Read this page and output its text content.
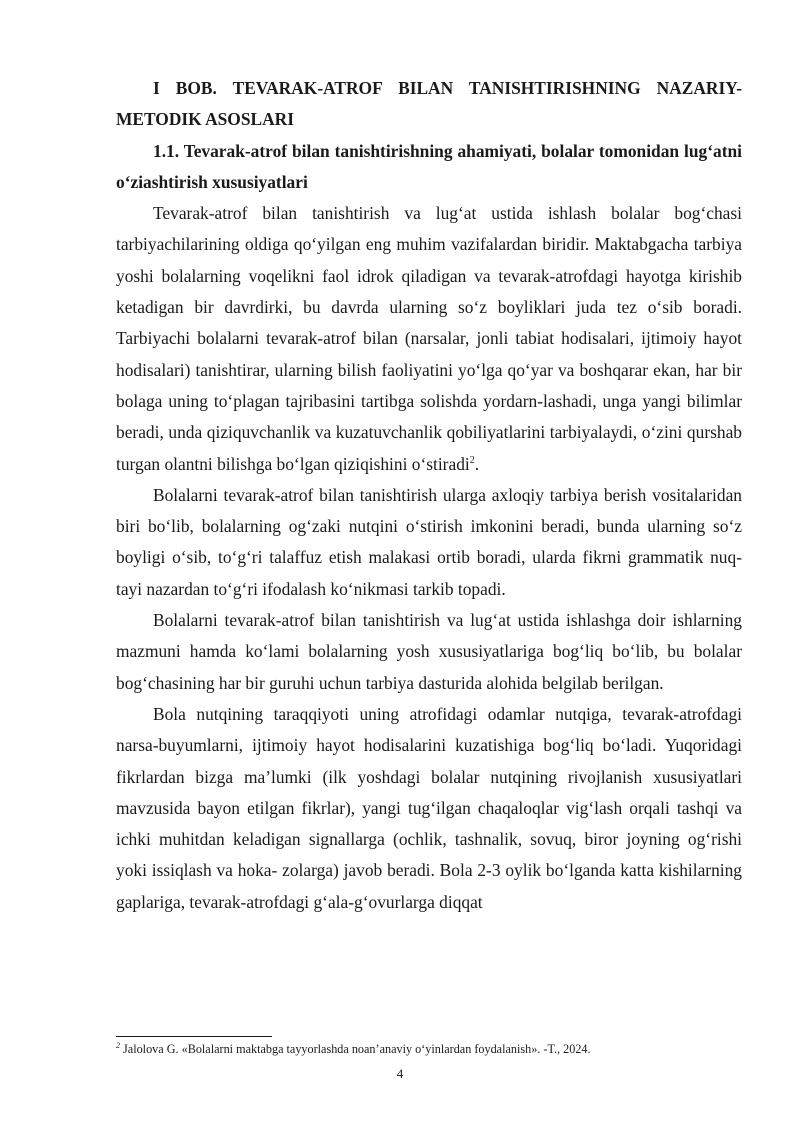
I BOB. TEVARAK-ATROF BILAN TANISHTIRISHNING NAZARIY-METODIK ASOSLARI

1.1. Tevarak-atrof bilan tanishtirishning ahamiyati, bolalar tomonidan lug‘atni o‘ziashtirish xususiyatlari

Tevarak-atrof bilan tanishtirish va lug‘at ustida ishlash bolalar bog‘chasi tarbiyachilarining oldiga qo‘yilgan eng muhim vazifalardan biridir. Maktabgacha tarbiya yoshi bolalarning voqelikni faol idrok qiladigan va tevarak-atrofdagi hayotga kirishib ketadigan bir davrdirki, bu davrda ularning so‘z boyliklari juda tez o‘sib boradi. Tarbiyachi bolalarni tevarak-atrof bilan (narsalar, jonli tabiat hodisalari, ijtimoiy hayot hodisalari) tanishtirar, ularning bilish faoliyatini yo‘lga qo‘yar va boshqarar ekan, har bir bolaga uning to‘plagan tajribasini tartibga solishda yordarn-lashadi, unga yangi bilimlar beradi, unda qiziquvchanlik va kuzatuvchanlik qobiliyatlarini tarbiyalaydi, o‘zini qurshab turgan olantni bilishga bo‘lgan qiziqishini o‘stiradi$^2$.

Bolalarni tevarak-atrof bilan tanishtirish ularga axloqiy tarbiya berish vositalaridan biri bo‘lib, bolalarning og‘zaki nutqini o‘stirish imkonini beradi, bunda ularning so‘z boyligi o‘sib, to‘g‘ri talaffuz etish malakasi ortib boradi, ularda fikrni grammatik nuq- tayi nazardan to‘g‘ri ifodalash ko‘nikmasi tarkib topadi.

Bolalarni tevarak-atrof bilan tanishtirish va lug‘at ustida ishlashga doir ishlarning mazmuni hamda ko‘lami bolalarning yosh xususiyatlariga bog‘liq bo‘lib, bu bolalar bog‘chasining har bir guruhi uchun tarbiya dasturida alohida belgilab berilgan.

Bola nutqining taraqqiyoti uning atrofidagi odamlar nutqiga, tevarak-atrofdagi narsa-buyumlarni, ijtimoiy hayot hodisalarini kuzatishiga bog‘liq bo‘ladi. Yuqoridagi fikrlardan bizga ma’lumki (ilk yoshdagi bolalar nutqining rivojlanish xususiyatlari mavzusida bayon etilgan fikrlar), yangi tug‘ilgan chaqaloqlar vig‘lash orqali tashqi va ichki muhitdan keladigan signallarga (ochlik, tashnalik, sovuq, biror joyning og‘rishi yoki issiqlash va hoka- zolarga) javob beradi. Bola 2-3 oylik bo‘lganda katta kishilarning gaplariga, tevarak-atrofdagi g‘ala-g‘ovurlarga diqqat

$^2$ Jalolova G. «Bolalarni maktabga tayyorlashda noan’anaviy o‘yinlardan foydalanish». -T., 2024.
4
